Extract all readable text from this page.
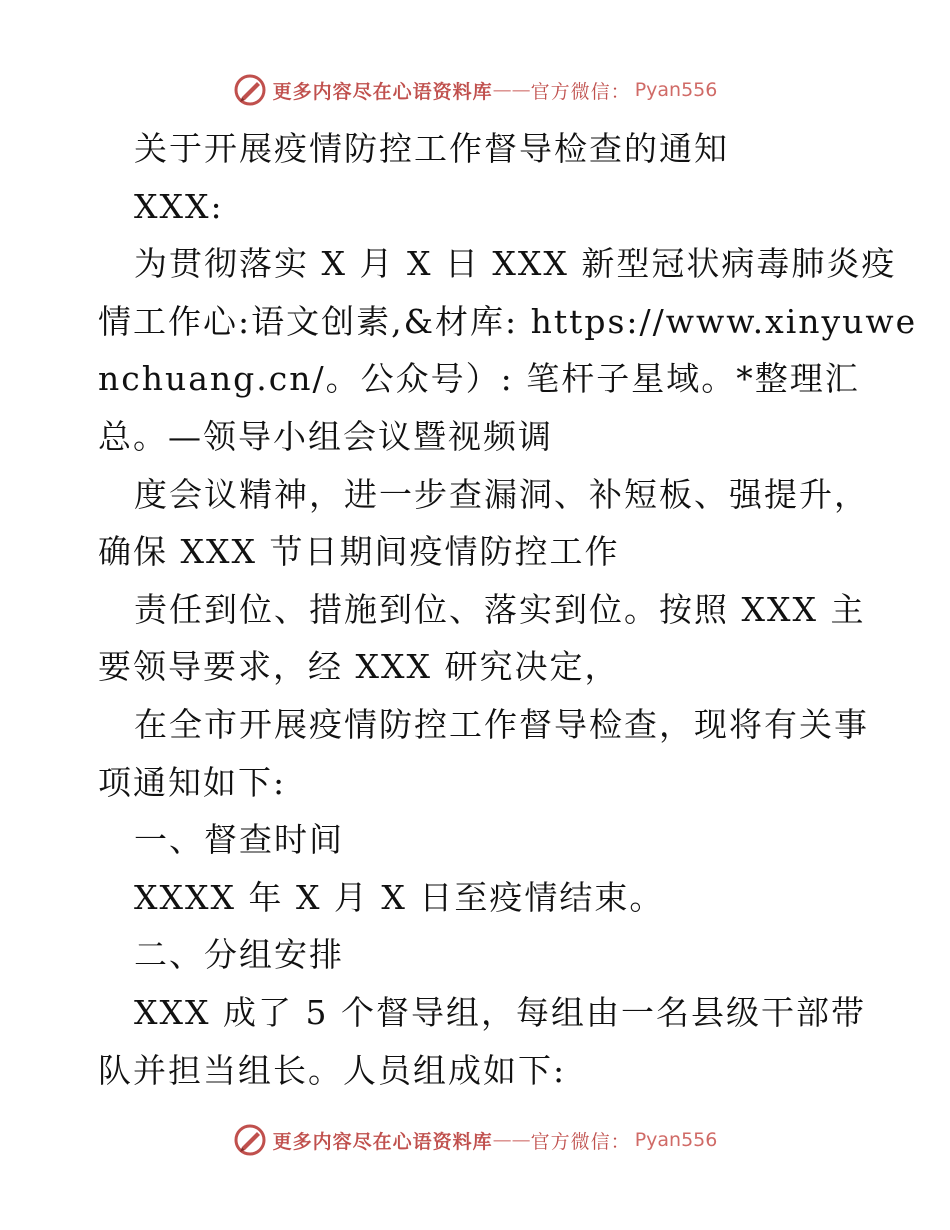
更多内容尽在心语资料库 —— 官方微信： Pyan556
关于开展疫情防控工作督导检查的通知
XXX:
为贯彻落实 X 月 X 日 XXX 新型冠状病毒肺炎疫
情工作心:语文创素,&材库: https://www.xinyuwe
nchuang.cn/。公众号）: 笔杆子星域。*整理汇
总。—领导小组会议暨视频调
度会议精神，进一步查漏洞、补短板、强提升，
确保 XXX 节日期间疫情防控工作
责任到位、措施到位、落实到位。按照 XXX 主
要领导要求，经 XXX 研究决定，
在全市开展疫情防控工作督导检查，现将有关事
项通知如下:
一、督查时间
XXXX 年 X 月 X 日至疫情结束。
二、分组安排
XXX 成了 5 个督导组，每组由一名县级干部带
队并担当组长。人员组成如下:
更多内容尽在心语资料库 —— 官方微信： Pyan556
